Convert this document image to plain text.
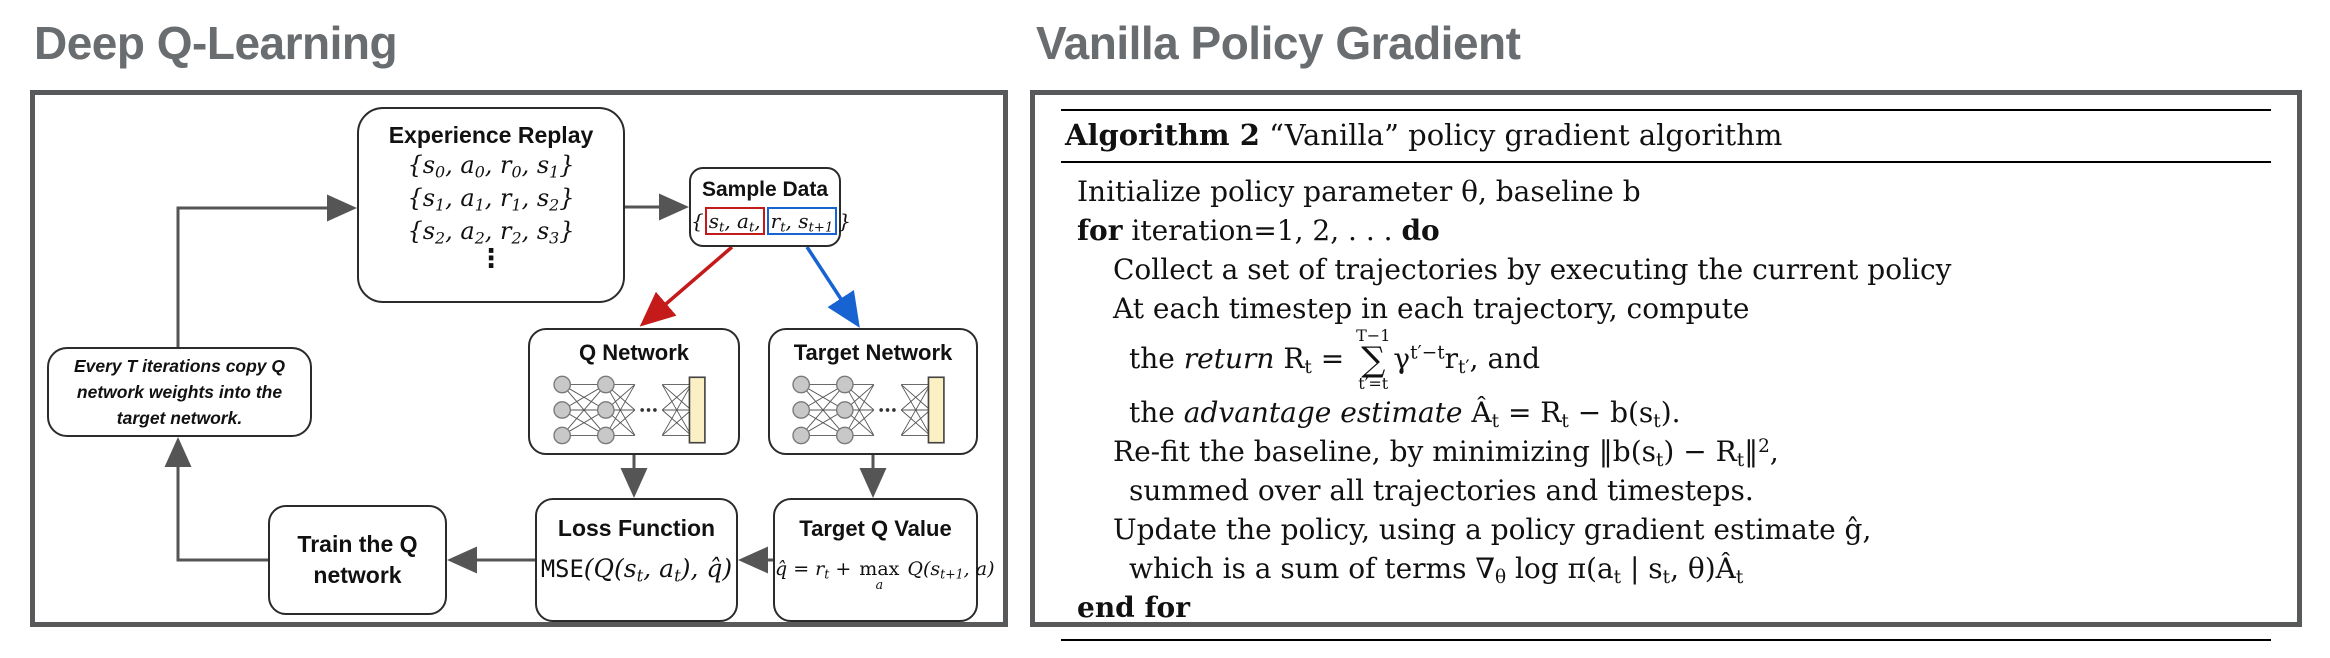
Deep Q-Learning	Vanilla Policy Gradient
Experience Replay
{$s_0$, $a_0$, $r_0$, $s_1$}
{$s_1$, $a_1$, $r_1$, $s_2$}
{$s_2$, $a_2$, $r_2$, $s_3$}
⋮
Sample Data
{ $s_t$, $a_t$, $r_t$, $s_{t+1}$ }
Q Network	Target Network
Loss Function
$MSE(Q(s_t$, $a_t$), q̂)
Target Q Value
q̂ = $r_t + \max$
a
$Q(s_{t+1}$, a)
Train the Q network
Every T iterations copy Q network weights into the target network.
Algorithm 2 “Vanilla” policy gradient algorithm
Initialize policy parameter θ, baseline b
for iteration=1, 2, . . . do
Collect a set of trajectories by executing the current policy
At each timestep in each trajectory, compute
the return $R_t$ =
T−1
∑
t′=t
$\gamma^{t'-t}r_{t'}$, and
the advantage estimate $Â_t = R_t - b(s_t)$.
Re-fit the baseline, by minimizing $‖b(s_t)$ − $R_t‖^2$,
summed over all trajectories and timesteps.
Update the policy, using a policy gradient estimate ĝ,
which is a sum of terms $\nabla_\theta$ $\log \pi(a_t$ | $s_t$, $\theta)Â_t$
end for
